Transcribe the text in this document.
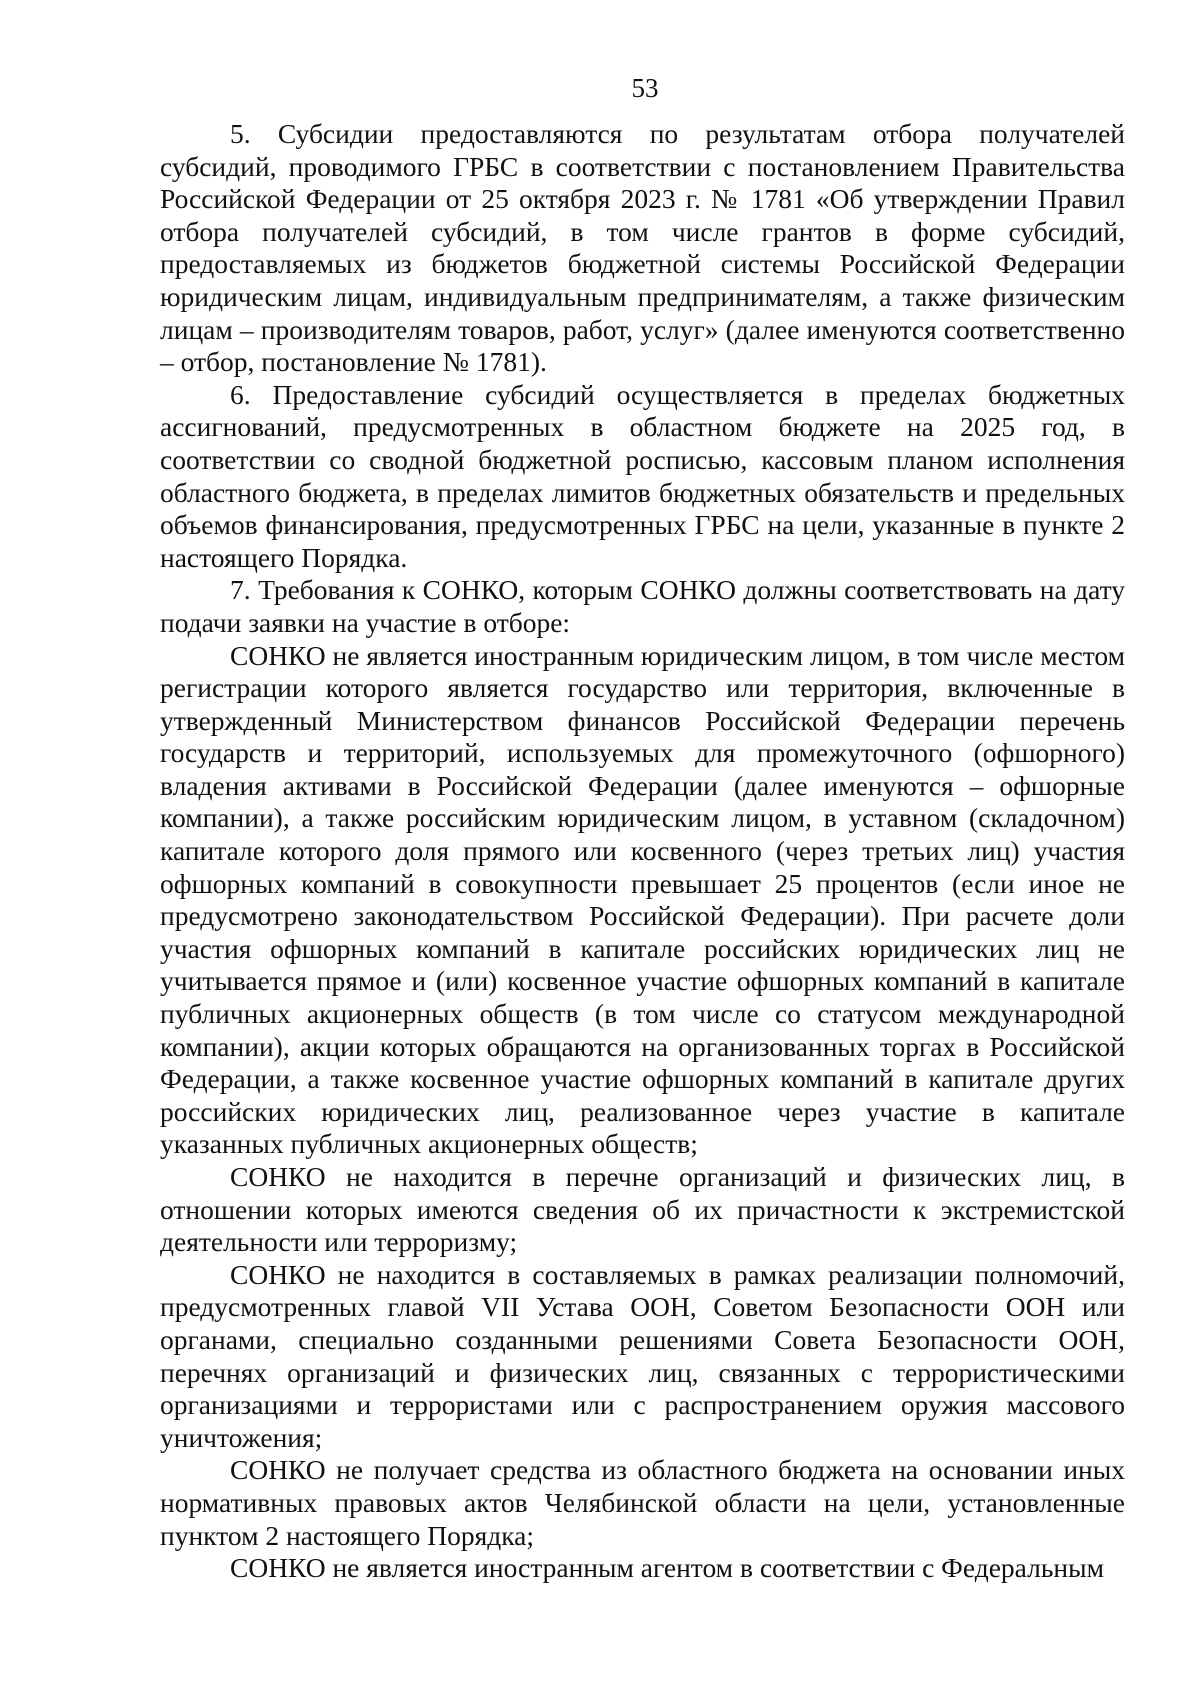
53

5. Субсидии предоставляются по результатам отбора получателей субсидий, проводимого ГРБС в соответствии с постановлением Правительства Российской Федерации от 25 октября 2023 г. № 1781 «Об утверждении Правил отбора получателей субсидий, в том числе грантов в форме субсидий, предоставляемых из бюджетов бюджетной системы Российской Федерации юридическим лицам, индивидуальным предпринимателям, а также физическим лицам – производителям товаров, работ, услуг» (далее именуются соответственно – отбор, постановление № 1781).

6. Предоставление субсидий осуществляется в пределах бюджетных ассигнований, предусмотренных в областном бюджете на 2025 год, в соответствии со сводной бюджетной росписью, кассовым планом исполнения областного бюджета, в пределах лимитов бюджетных обязательств и предельных объемов финансирования, предусмотренных ГРБС на цели, указанные в пункте 2 настоящего Порядка.

7. Требования к СОНКО, которым СОНКО должны соответствовать на дату подачи заявки на участие в отборе:

СОНКО не является иностранным юридическим лицом, в том числе местом регистрации которого является государство или территория, включенные в утвержденный Министерством финансов Российской Федерации перечень государств и территорий, используемых для промежуточного (офшорного) владения активами в Российской Федерации (далее именуются – офшорные компании), а также российским юридическим лицом, в уставном (складочном) капитале которого доля прямого или косвенного (через третьих лиц) участия офшорных компаний в совокупности превышает 25 процентов (если иное не предусмотрено законодательством Российской Федерации). При расчете доли участия офшорных компаний в капитале российских юридических лиц не учитывается прямое и (или) косвенное участие офшорных компаний в капитале публичных акционерных обществ (в том числе со статусом международной компании), акции которых обращаются на организованных торгах в Российской Федерации, а также косвенное участие офшорных компаний в капитале других российских юридических лиц, реализованное через участие в капитале указанных публичных акционерных обществ;

СОНКО не находится в перечне организаций и физических лиц, в отношении которых имеются сведения об их причастности к экстремистской деятельности или терроризму;

СОНКО не находится в составляемых в рамках реализации полномочий, предусмотренных главой VII Устава ООН, Советом Безопасности ООН или органами, специально созданными решениями Совета Безопасности ООН, перечнях организаций и физических лиц, связанных с террористическими организациями и террористами или с распространением оружия массового уничтожения;

СОНКО не получает средства из областного бюджета на основании иных нормативных правовых актов Челябинской области на цели, установленные пунктом 2 настоящего Порядка;

СОНКО не является иностранным агентом в соответствии с Федеральным
